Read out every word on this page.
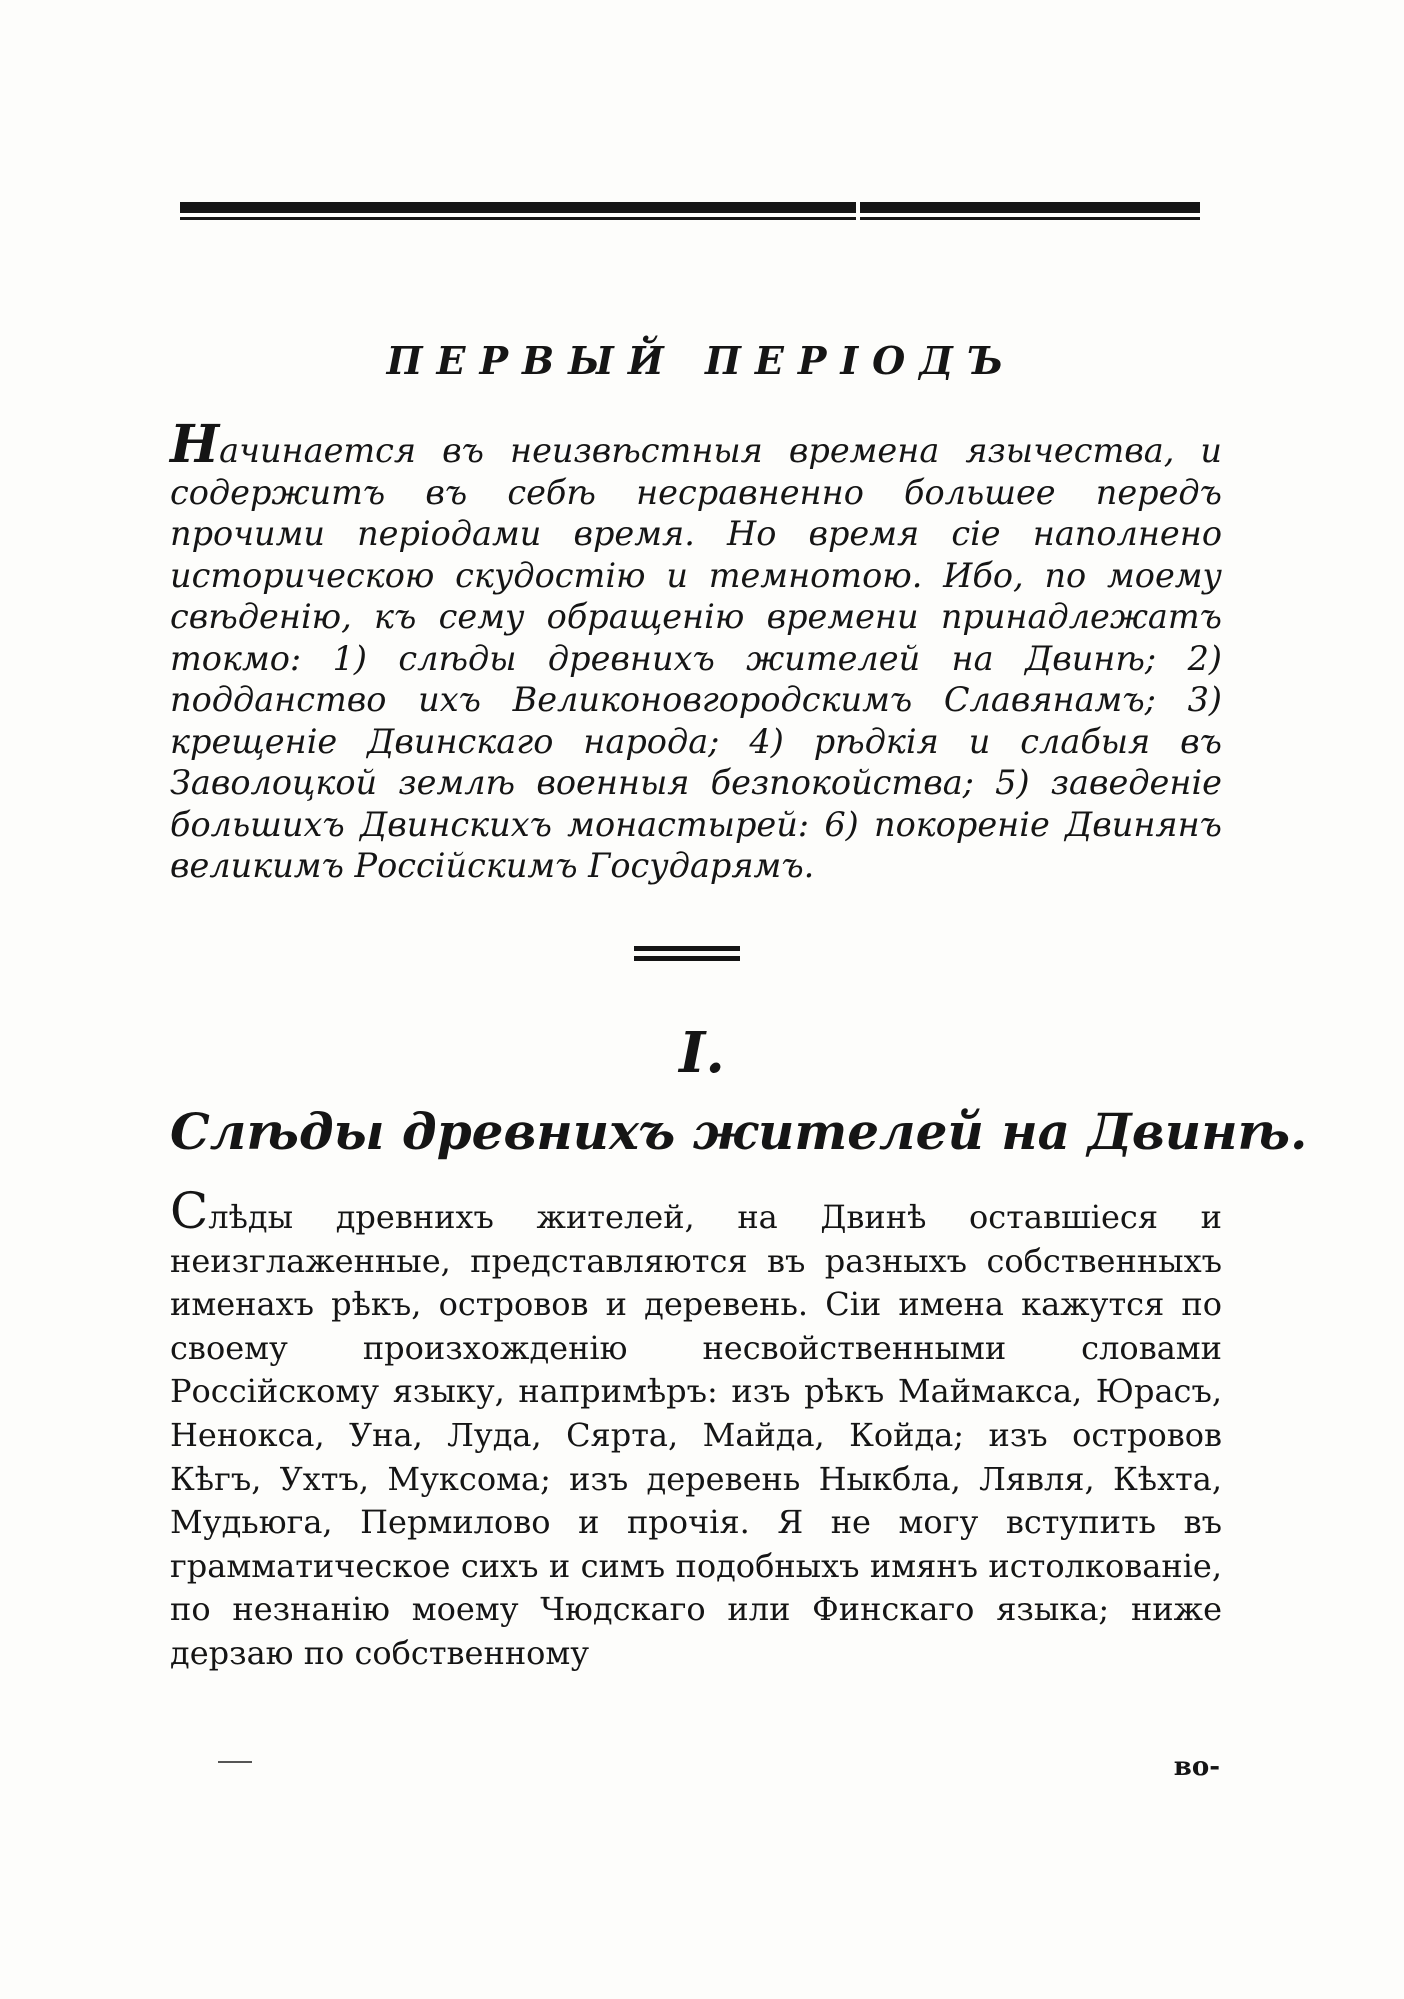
ПЕРВЫЙ ПЕРІОДЪ

Начинается въ неизвѣстныя времена язычества, и содержитъ въ себѣ несравненно большее передъ прочими періодами время. Но время сіе наполнено историческою скудостію и темнотою. Ибо, по моему свѣденію, къ сему обращенію времени принадлежатъ токмо: 1) слѣды древнихъ жителей на Двинѣ; 2) подданство ихъ Великоновгородскимъ Славянамъ; 3) крещеніе Двинскаго народа; 4) рѣдкія и слабыя въ Заволоцкой землѣ военныя безпокойства; 5) заведеніе большихъ Двинскихъ монастырей: 6) покореніе Двинянъ великимъ Россійскимъ Государямъ.

I.
Слѣды древнихъ жителей на Двинѣ.

Слѣды древнихъ жителей, на Двинѣ оставшіеся и неизглаженные, представляются въ разныхъ собственныхъ именахъ рѣкъ, островов и деревень. Сіи имена кажутся по своему произхожденію несвойственными словами Россійскому языку, напримѣръ: изъ рѣкъ Маймакса, Юрасъ, Ненокса, Уна, Луда, Сярта, Майда, Койда; изъ островов Кѣгъ, Ухтъ, Муксома; изъ деревень Ныкбла, Лявля, Кѣхта, Мудьюга, Пермилово и прочія. Я не могу вступить въ грамматическое сихъ и симъ подобныхъ имянъ истолкованіе, по незнанію моему Чюдскаго или Финскаго языка; ниже дерзаю по собственному

во-
